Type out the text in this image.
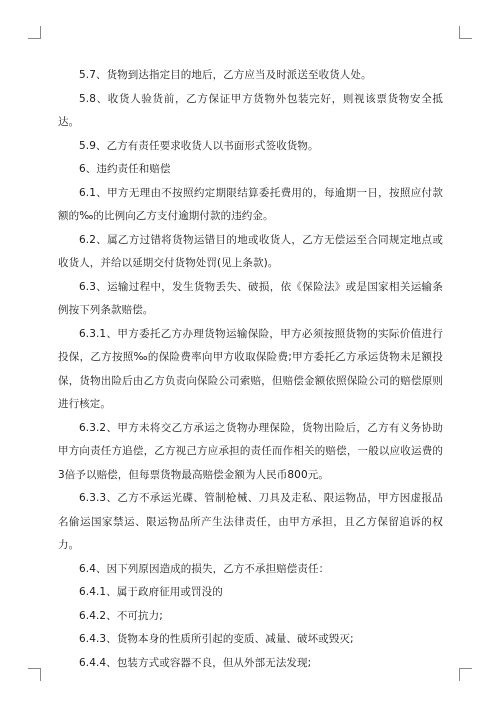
5.7、货物到达指定目的地后，乙方应当及时派送至收货人处。

5.8、收货人验货前，乙方保证甲方货物外包装完好，则视该票货物安全抵达。

5.9、乙方有责任要求收货人以书面形式签收货物。

6、违约责任和赔偿

6.1、甲方无理由不按照约定期限结算委托费用的，每逾期一日，按照应付款额的‰的比例向乙方支付逾期付款的违约金。

6.2、属乙方过错将货物运错目的地或收货人，乙方无偿运至合同规定地点或收货人，并给以延期交付货物处罚(见上条款)。

6.3、运输过程中，发生货物丢失、破损，依《保险法》或是国家相关运输条例按下列条款赔偿。

6.3.1、甲方委托乙方办理货物运输保险，甲方必须按照货物的实际价值进行投保，乙方按照‰的保险费率向甲方收取保险费;甲方委托乙方承运货物未足额投保，货物出险后由乙方负责向保险公司索赔，但赔偿金额依照保险公司的赔偿原则进行核定。

6.3.2、甲方未将交乙方承运之货物办理保险，货物出险后，乙方有义务协助甲方向责任方追偿，乙方视己方应承担的责任而作相关的赔偿，一般以应收运费的3倍予以赔偿，但每票货物最高赔偿金额为人民币800元。

6.3.3、乙方不承运光碟、管制枪械、刀具及走私、限运物品，甲方因虚报品名偷运国家禁运、限运物品所产生法律责任，由甲方承担，且乙方保留追诉的权力。

6.4、因下列原因造成的损失，乙方不承担赔偿责任：

6.4.1、属于政府征用或罚没的

6.4.2、不可抗力;

6.4.3、货物本身的性质所引起的变质、减量、破坏或毁灭;

6.4.4、包装方式或容器不良，但从外部无法发现;
